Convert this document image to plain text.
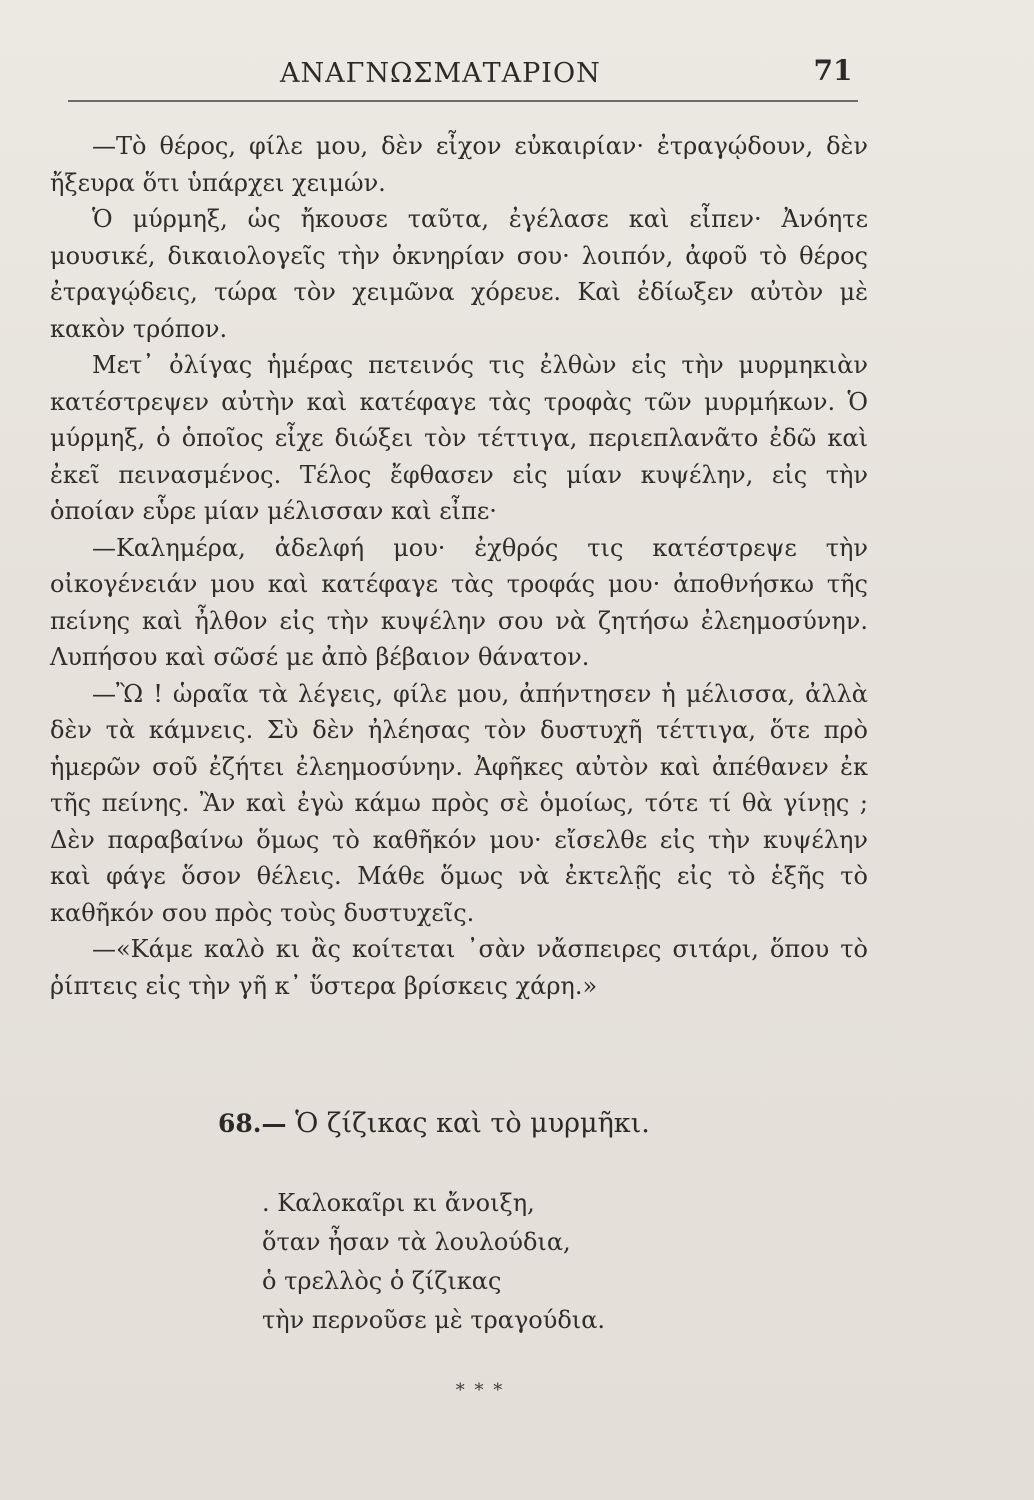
ΑΝΑΓΝΩΣΜΑΤΑΡΙΟΝ	71

—Τὸ θέρος, φίλε μου, δὲν εἶχον εὐκαιρίαν· ἐτραγῴδουν, δὲν ἤξευρα ὅτι ὑπάρχει χειμών.

Ὁ μύρμηξ, ὡς ἤκουσε ταῦτα, ἐγέλασε καὶ εἶπεν· Ἀνόητε μουσικέ, δικαιολογεῖς τὴν ὀκνηρίαν σου· λοιπόν, ἀφοῦ τὸ θέρος ἐτραγῴδεις, τώρα τὸν χειμῶνα χόρευε. Καὶ ἐδίωξεν αὐτὸν μὲ κακὸν τρόπον.

Μετ᾽ ὀλίγας ἡμέρας πετεινός τις ἐλθὼν εἰς τὴν μυρμηκιὰν κατέστρεψεν αὐτὴν καὶ κατέφαγε τὰς τροφὰς τῶν μυρμήκων. Ὁ μύρμηξ, ὁ ὁποῖος εἶχε διώξει τὸν τέττιγα, περιεπλανᾶτο ἐδῶ καὶ ἐκεῖ πεινασμένος. Τέλος ἔφθασεν εἰς μίαν κυψέλην, εἰς τὴν ὁποίαν εὗρε μίαν μέλισσαν καὶ εἶπε·

—Καλημέρα, ἀδελφή μου· ἐχθρός τις κατέστρεψε τὴν οἰκογένειάν μου καὶ κατέφαγε τὰς τροφάς μου· ἀποθνήσκω τῆς πείνης καὶ ἦλθον εἰς τὴν κυψέλην σου νὰ ζητήσω ἐλεημοσύνην. Λυπήσου καὶ σῶσέ με ἀπὸ βέβαιον θάνατον.

—Ὢ ! ὡραῖα τὰ λέγεις, φίλε μου, ἀπήντησεν ἡ μέλισσα, ἀλλὰ δὲν τὰ κάμνεις. Σὺ δὲν ἠλέησας τὸν δυστυχῆ τέττιγα, ὅτε πρὸ ἡμερῶν σοῦ ἐζήτει ἐλεημοσύνην. Ἀφῆκες αὐτὸν καὶ ἀπέθανεν ἐκ τῆς πείνης. Ἂν καὶ ἐγὼ κάμω πρὸς σὲ ὁμοίως, τότε τί θὰ γίνῃς ; Δὲν παραβαίνω ὅμως τὸ καθῆκόν μου· εἴσελθε εἰς τὴν κυψέλην καὶ φάγε ὅσον θέλεις. Μάθε ὅμως νὰ ἐκτελῇς εἰς τὸ ἑξῆς τὸ καθῆκόν σου πρὸς τοὺς δυστυχεῖς.

—«Κάμε καλὸ κι ἂς κοίτεται ᾽σὰν νἄσπειρες σιτάρι, ὅπου τὸ ῥίπτεις εἰς τὴν γῆ κ᾽ ὕστερα βρίσκεις χάρη.»

68.— Ὁ ζίζικας καὶ τὸ μυρμῆκι.
. Καλοκαῖρι κι ἄνοιξη,
ὅταν ἦσαν τὰ λουλούδια,
ὁ τρελλὸς ὁ ζίζικας
τὴν περνοῦσε μὲ τραγούδια.
* * *
